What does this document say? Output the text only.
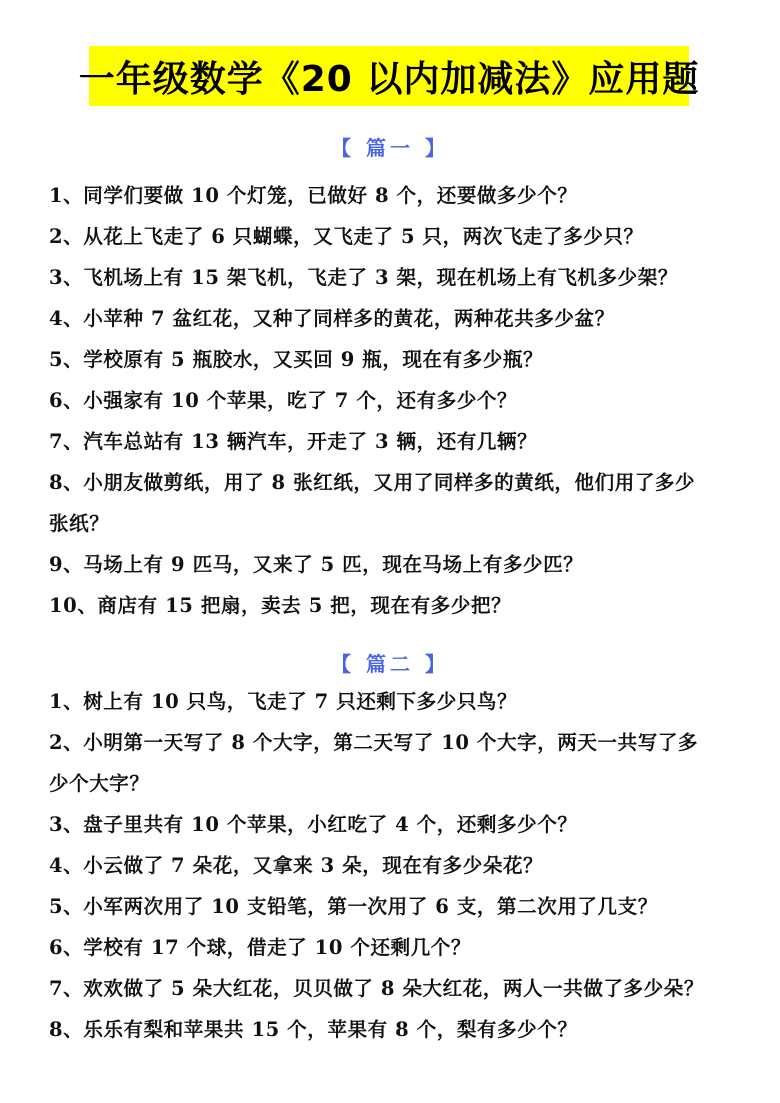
一年级数学《20 以内加减法》应用题
【 篇一 】
1、同学们要做 10 个灯笼，已做好 8 个，还要做多少个？
2、从花上飞走了 6 只蝴蝶，又飞走了 5 只，两次飞走了多少只？
3、飞机场上有 15 架飞机，飞走了 3 架，现在机场上有飞机多少架？
4、小苹种 7 盆红花，又种了同样多的黄花，两种花共多少盆？
5、学校原有 5 瓶胶水，又买回 9 瓶，现在有多少瓶？
6、小强家有 10 个苹果，吃了 7 个，还有多少个？
7、汽车总站有 13 辆汽车，开走了 3 辆，还有几辆？
8、小朋友做剪纸，用了 8 张红纸，又用了同样多的黄纸，他们用了多少
张纸？
9、马场上有 9 匹马，又来了 5 匹，现在马场上有多少匹？
10、商店有 15 把扇，卖去 5 把，现在有多少把？
【 篇二 】
1、树上有 10 只鸟，飞走了 7 只还剩下多少只鸟？
2、小明第一天写了 8 个大字，第二天写了 10 个大字，两天一共写了多
少个大字？
3、盘子里共有 10 个苹果，小红吃了 4 个，还剩多少个？
4、小云做了 7 朵花，又拿来 3 朵，现在有多少朵花？
5、小军两次用了 10 支铅笔，第一次用了 6 支，第二次用了几支？
6、学校有 17 个球，借走了 10 个还剩几个？
7、欢欢做了 5 朵大红花，贝贝做了 8 朵大红花，两人一共做了多少朵？
8、乐乐有梨和苹果共 15 个，苹果有 8 个，梨有多少个？
